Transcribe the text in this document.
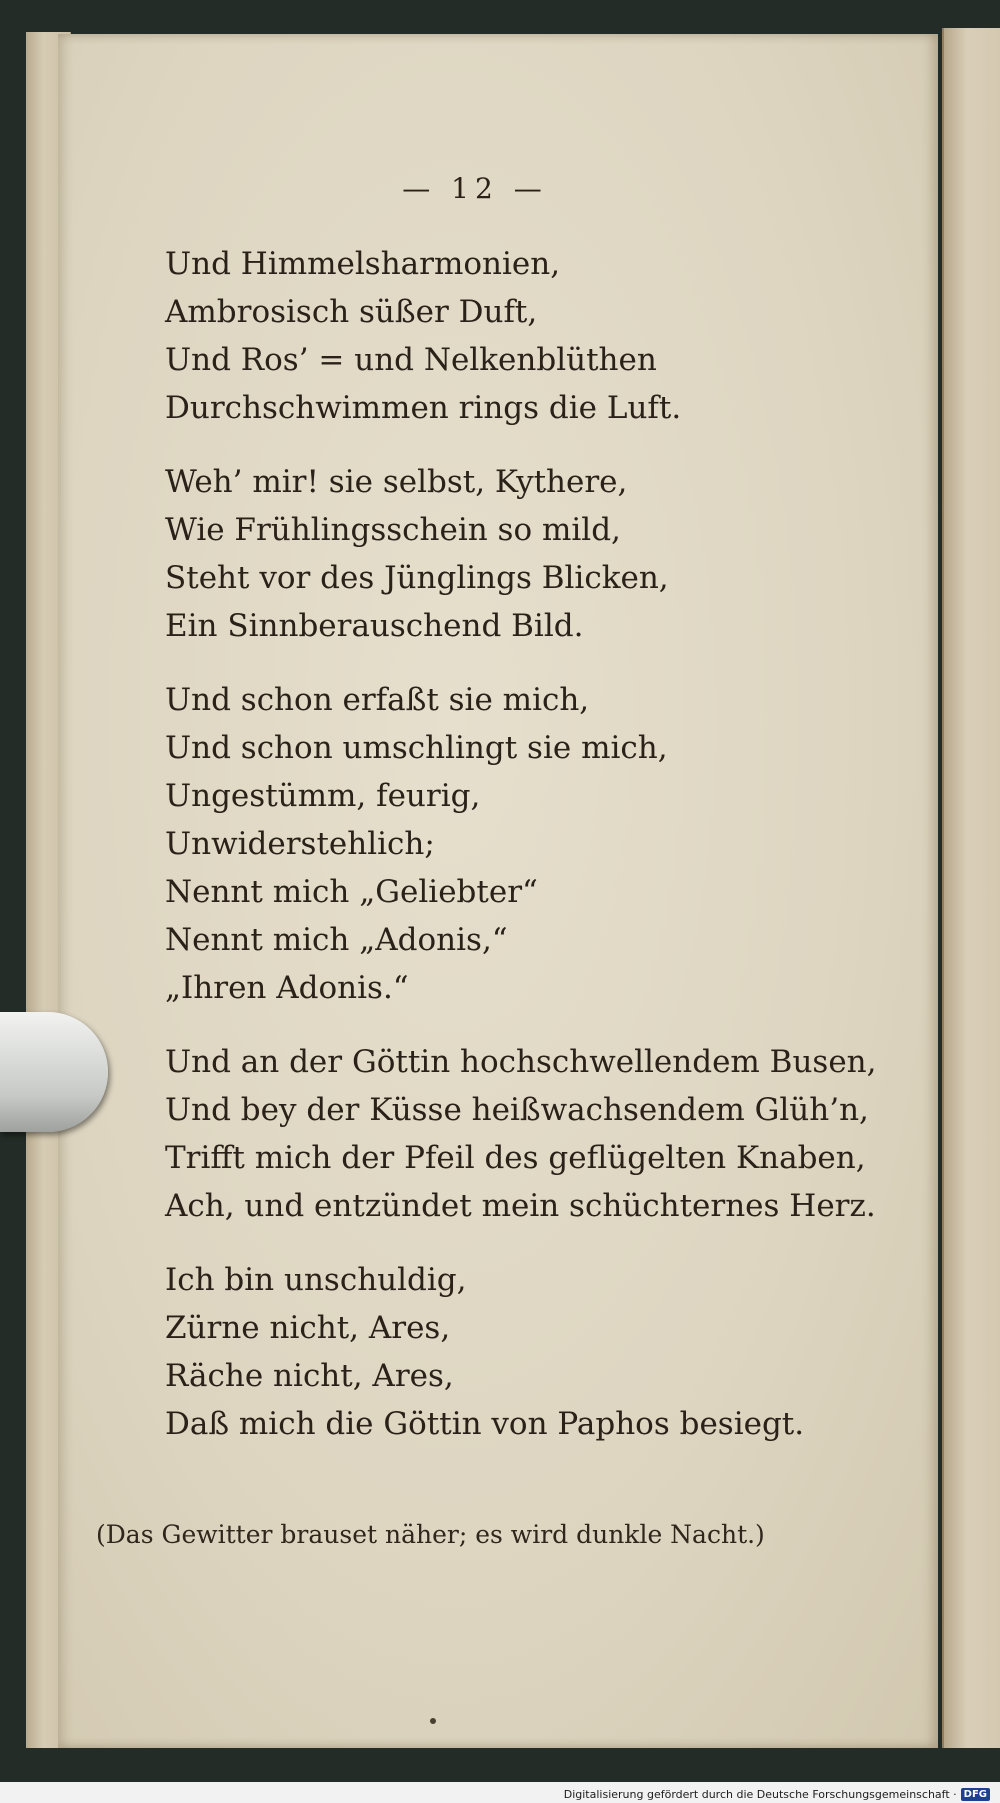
— 12 —
Und Himmelsharmonien,
Ambrosisch süßer Duft,
Und Ros’ = und Nelkenblüthen
Durchschwimmen rings die Luft.
Weh’ mir! sie selbst, Kythere,
Wie Frühlingsschein so mild,
Steht vor des Jünglings Blicken,
Ein Sinnberauschend Bild.
Und schon erfaßt sie mich,
Und schon umschlingt sie mich,
Ungestümm, feurig,
Unwiderstehlich;
Nennt mich „Geliebter“
Nennt mich „Adonis,“
„Ihren Adonis.“
Und an der Göttin hochschwellendem Busen,
Und bey der Küsse heißwachsendem Glüh’n,
Trifft mich der Pfeil des geflügelten Knaben,
Ach, und entzündet mein schüchternes Herz.
Ich bin unschuldig,
Zürne nicht, Ares,
Räche nicht, Ares,
Daß mich die Göttin von Paphos besiegt.
(Das Gewitter brauset näher; es wird dunkle Nacht.)
Digitalisierung gefördert durch die Deutsche Forschungsgemeinschaft · DFG
